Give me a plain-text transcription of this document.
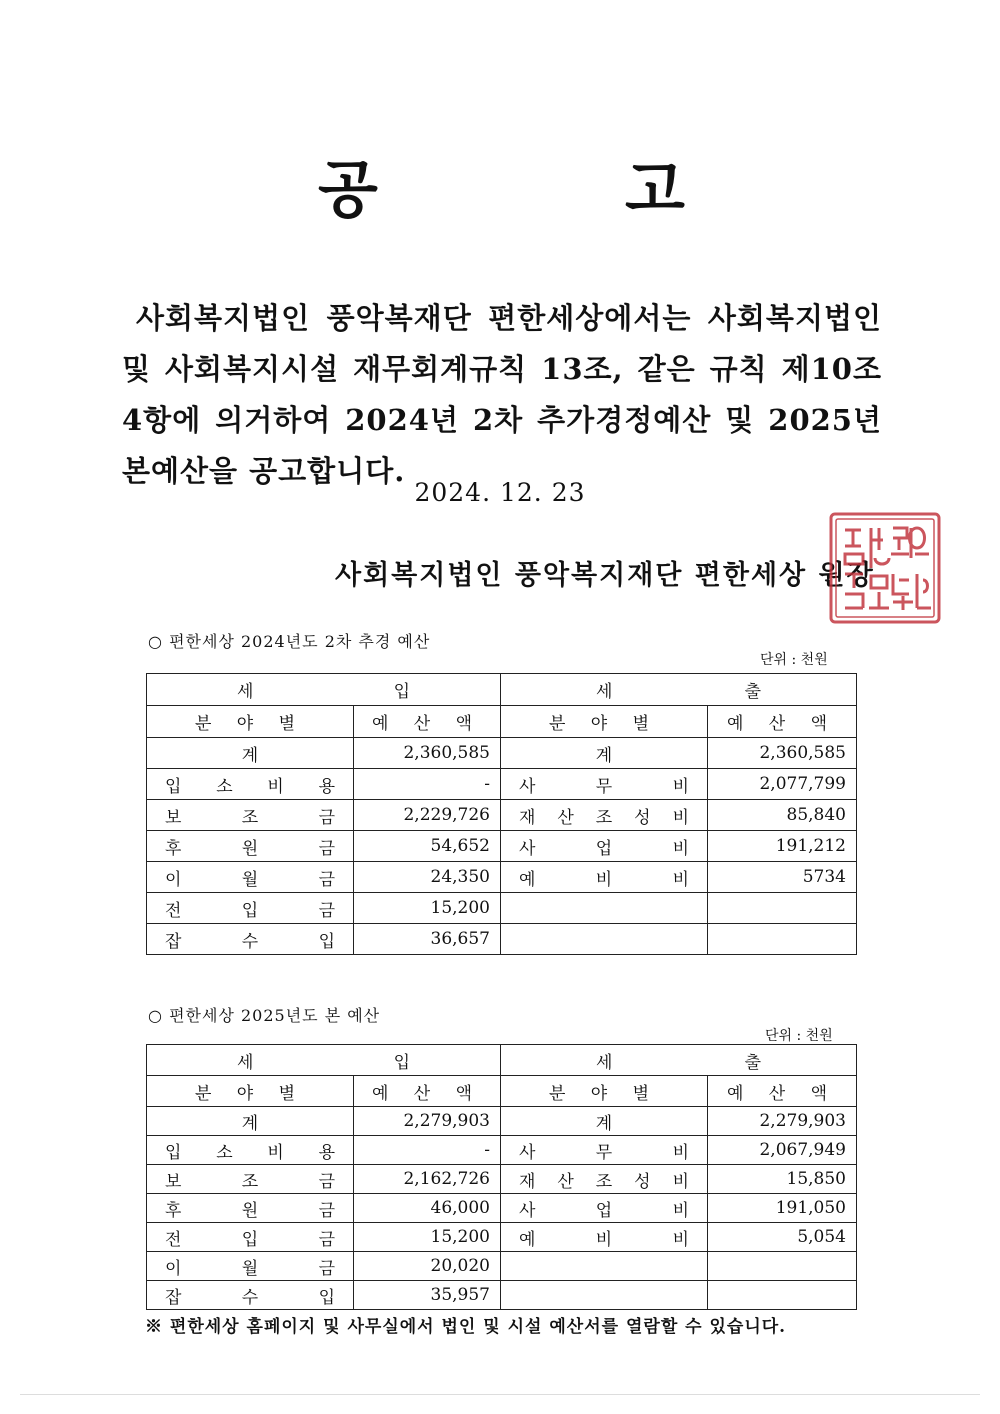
공	고
사회복지법인 풍악복재단 편한세상에서는 사회복지법인 및 사회복지시설 재무회계규칙 13조, 같은 규칙 제10조 4항에 의거하여 2024년 2차 추가경정예산 및 2025년 본예산을 공고합니다.
2024. 12. 23
사회복지법인 풍악복지재단 편한세상 원장
○ 편한세상 2024년도 2차 추경 예산
단위 : 천원
세 입		세 출	

분 야 별	예 산 액	분 야 별	예 산 액
계	2,360,585	계	2,360,585

입 소 비 용	-	사 무 비	2,077,799

보 조 금	2,229,726	재 산 조 성 비	85,840

후 원 금	54,652	사 업 비	191,212

이 월 금	24,350	예 비 비	5734

전 입 금	15,200	

잡 수 입	36,657	

○ 편한세상 2025년도 본 예산
단위 : 천원
세 입		세 출	

분 야 별	예 산 액	분 야 별	예 산 액
계	2,279,903	계	2,279,903

입 소 비 용	-	사 무 비	2,067,949

보 조 금	2,162,726	재 산 조 성 비	15,850

후 원 금	46,000	사 업 비	191,050

전 입 금	15,200	예 비 비	5,054

이 월 금	20,020	

잡 수 입	35,957	

※ 편한세상 홈페이지 및 사무실에서 법인 및 시설 예산서를 열람할 수 있습니다.
